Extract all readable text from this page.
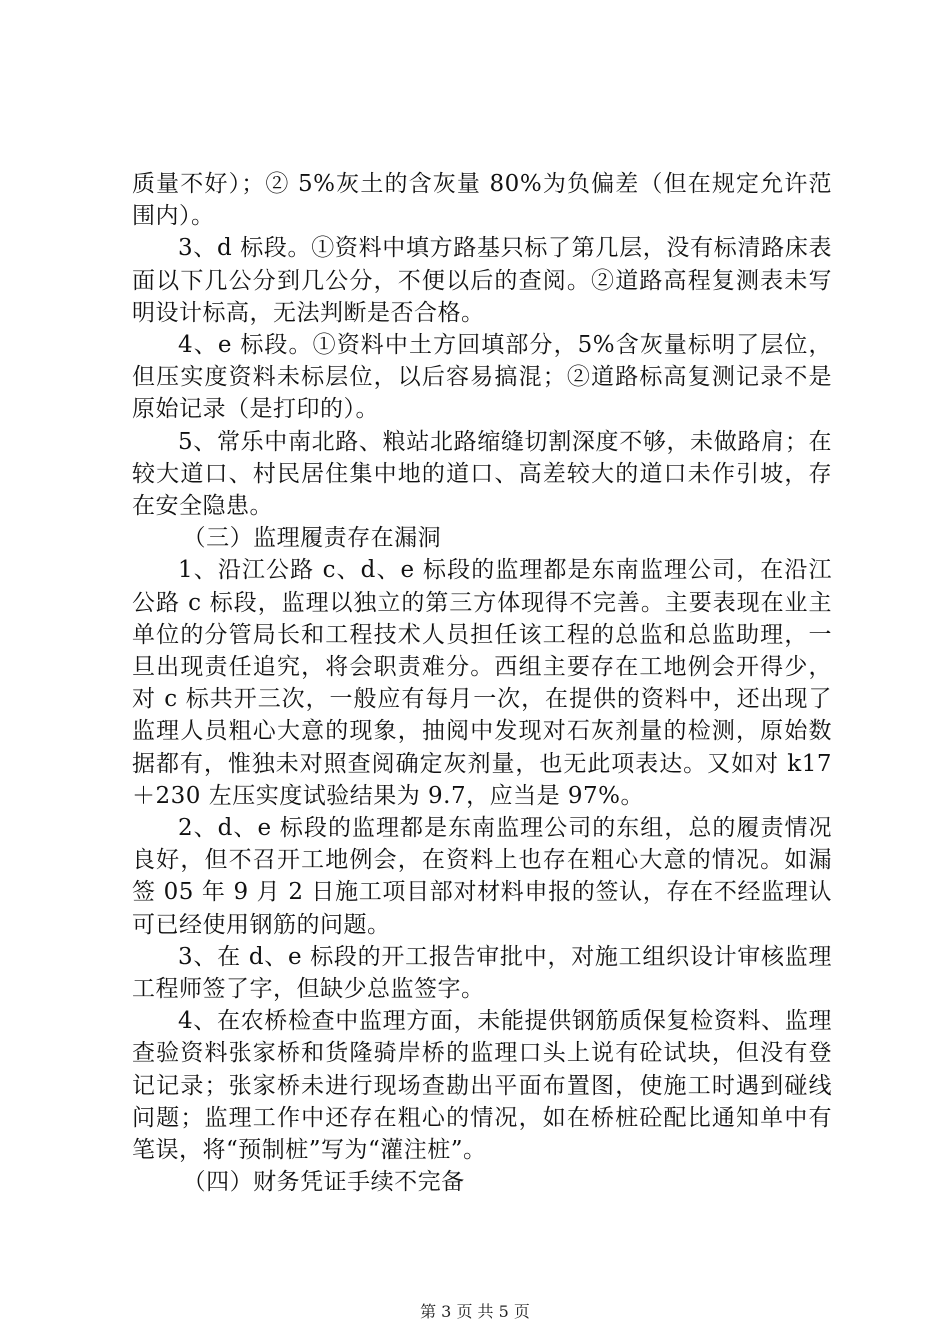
质量不好）；② 5%灰土的含灰量 80%为负偏差（但在规定允许范围内）。

3、d 标段。①资料中填方路基只标了第几层，没有标清路床表面以下几公分到几公分，不便以后的查阅。②道路高程复测表未写明设计标高，无法判断是否合格。

4、e 标段。①资料中土方回填部分，5%含灰量标明了层位，但压实度资料未标层位，以后容易搞混；②道路标高复测记录不是原始记录（是打印的）。

5、常乐中南北路、粮站北路缩缝切割深度不够，未做路肩；在较大道口、村民居住集中地的道口、高差较大的道口未作引坡，存在安全隐患。

（三）监理履责存在漏洞

1、沿江公路 c、d、e 标段的监理都是东南监理公司，在沿江公路 c 标段，监理以独立的第三方体现得不完善。主要表现在业主单位的分管局长和工程技术人员担任该工程的总监和总监助理，一旦出现责任追究，将会职责难分。西组主要存在工地例会开得少，对 c 标共开三次，一般应有每月一次，在提供的资料中，还出现了监理人员粗心大意的现象，抽阅中发现对石灰剂量的检测，原始数据都有，惟独未对照查阅确定灰剂量，也无此项表达。又如对 k17＋230 左压实度试验结果为 9.7，应当是 97%。

2、d、e 标段的监理都是东南监理公司的东组，总的履责情况良好，但不召开工地例会，在资料上也存在粗心大意的情况。如漏签 05 年 9 月 2 日施工项目部对材料申报的签认，存在不经监理认可已经使用钢筋的问题。

3、在 d、e 标段的开工报告审批中，对施工组织设计审核监理工程师签了字，但缺少总监签字。

4、在农桥检查中监理方面，未能提供钢筋质保复检资料、监理查验资料张家桥和货隆骑岸桥的监理口头上说有砼试块，但没有登记记录；张家桥未进行现场查勘出平面布置图，使施工时遇到碰线问题；监理工作中还存在粗心的情况，如在桥桩砼配比通知单中有笔误，将“预制桩”写为“灌注桩”。

（四）财务凭证手续不完备

第 3 页 共 5 页
